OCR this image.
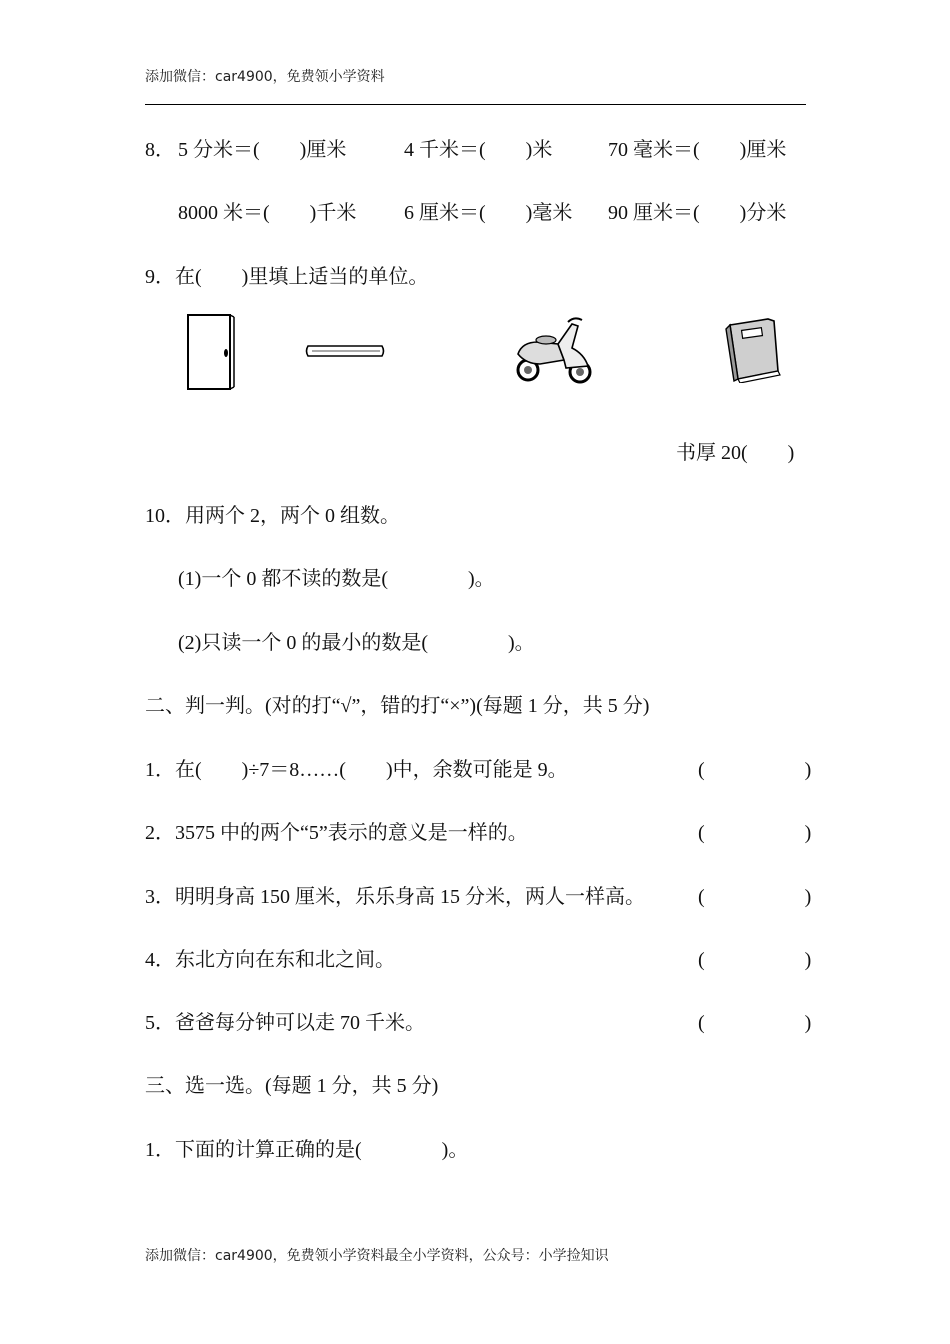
添加微信：car4900，免费领小学资料
8． 5 分米＝(　　)厘米	4 千米＝(　　)米	70 毫米＝(　　)厘米
8000 米＝(　　)千米 6 厘米＝(　　)毫米 90 厘米＝(　　)分米
9．在(　　)里填上适当的单位。
书厚 20(　　)
10．用两个 2，两个 0 组数。
(1)一个 0 都不读的数是(　　　　)。
(2)只读一个 0 的最小的数是(　　　　)。
二、判一判。(对的打“√”，错的打“×”)(每题 1 分，共 5 分)
1．在(　　)÷7＝8……(　　)中，余数可能是 9。	(　　　　　)
2．3575 中的两个“5”表示的意义是一样的。	(　　　　　)
3．明明身高 150 厘米，乐乐身高 15 分米，两人一样高。	(　　　　　)
4．东北方向在东和北之间。	(　　　　　)
5．爸爸每分钟可以走 70 千米。	(　　　　　)
三、选一选。(每题 1 分，共 5 分)
1．下面的计算正确的是(　　　　)。
添加微信：car4900，免费领小学资料最全小学资料，公众号：小学捡知识
